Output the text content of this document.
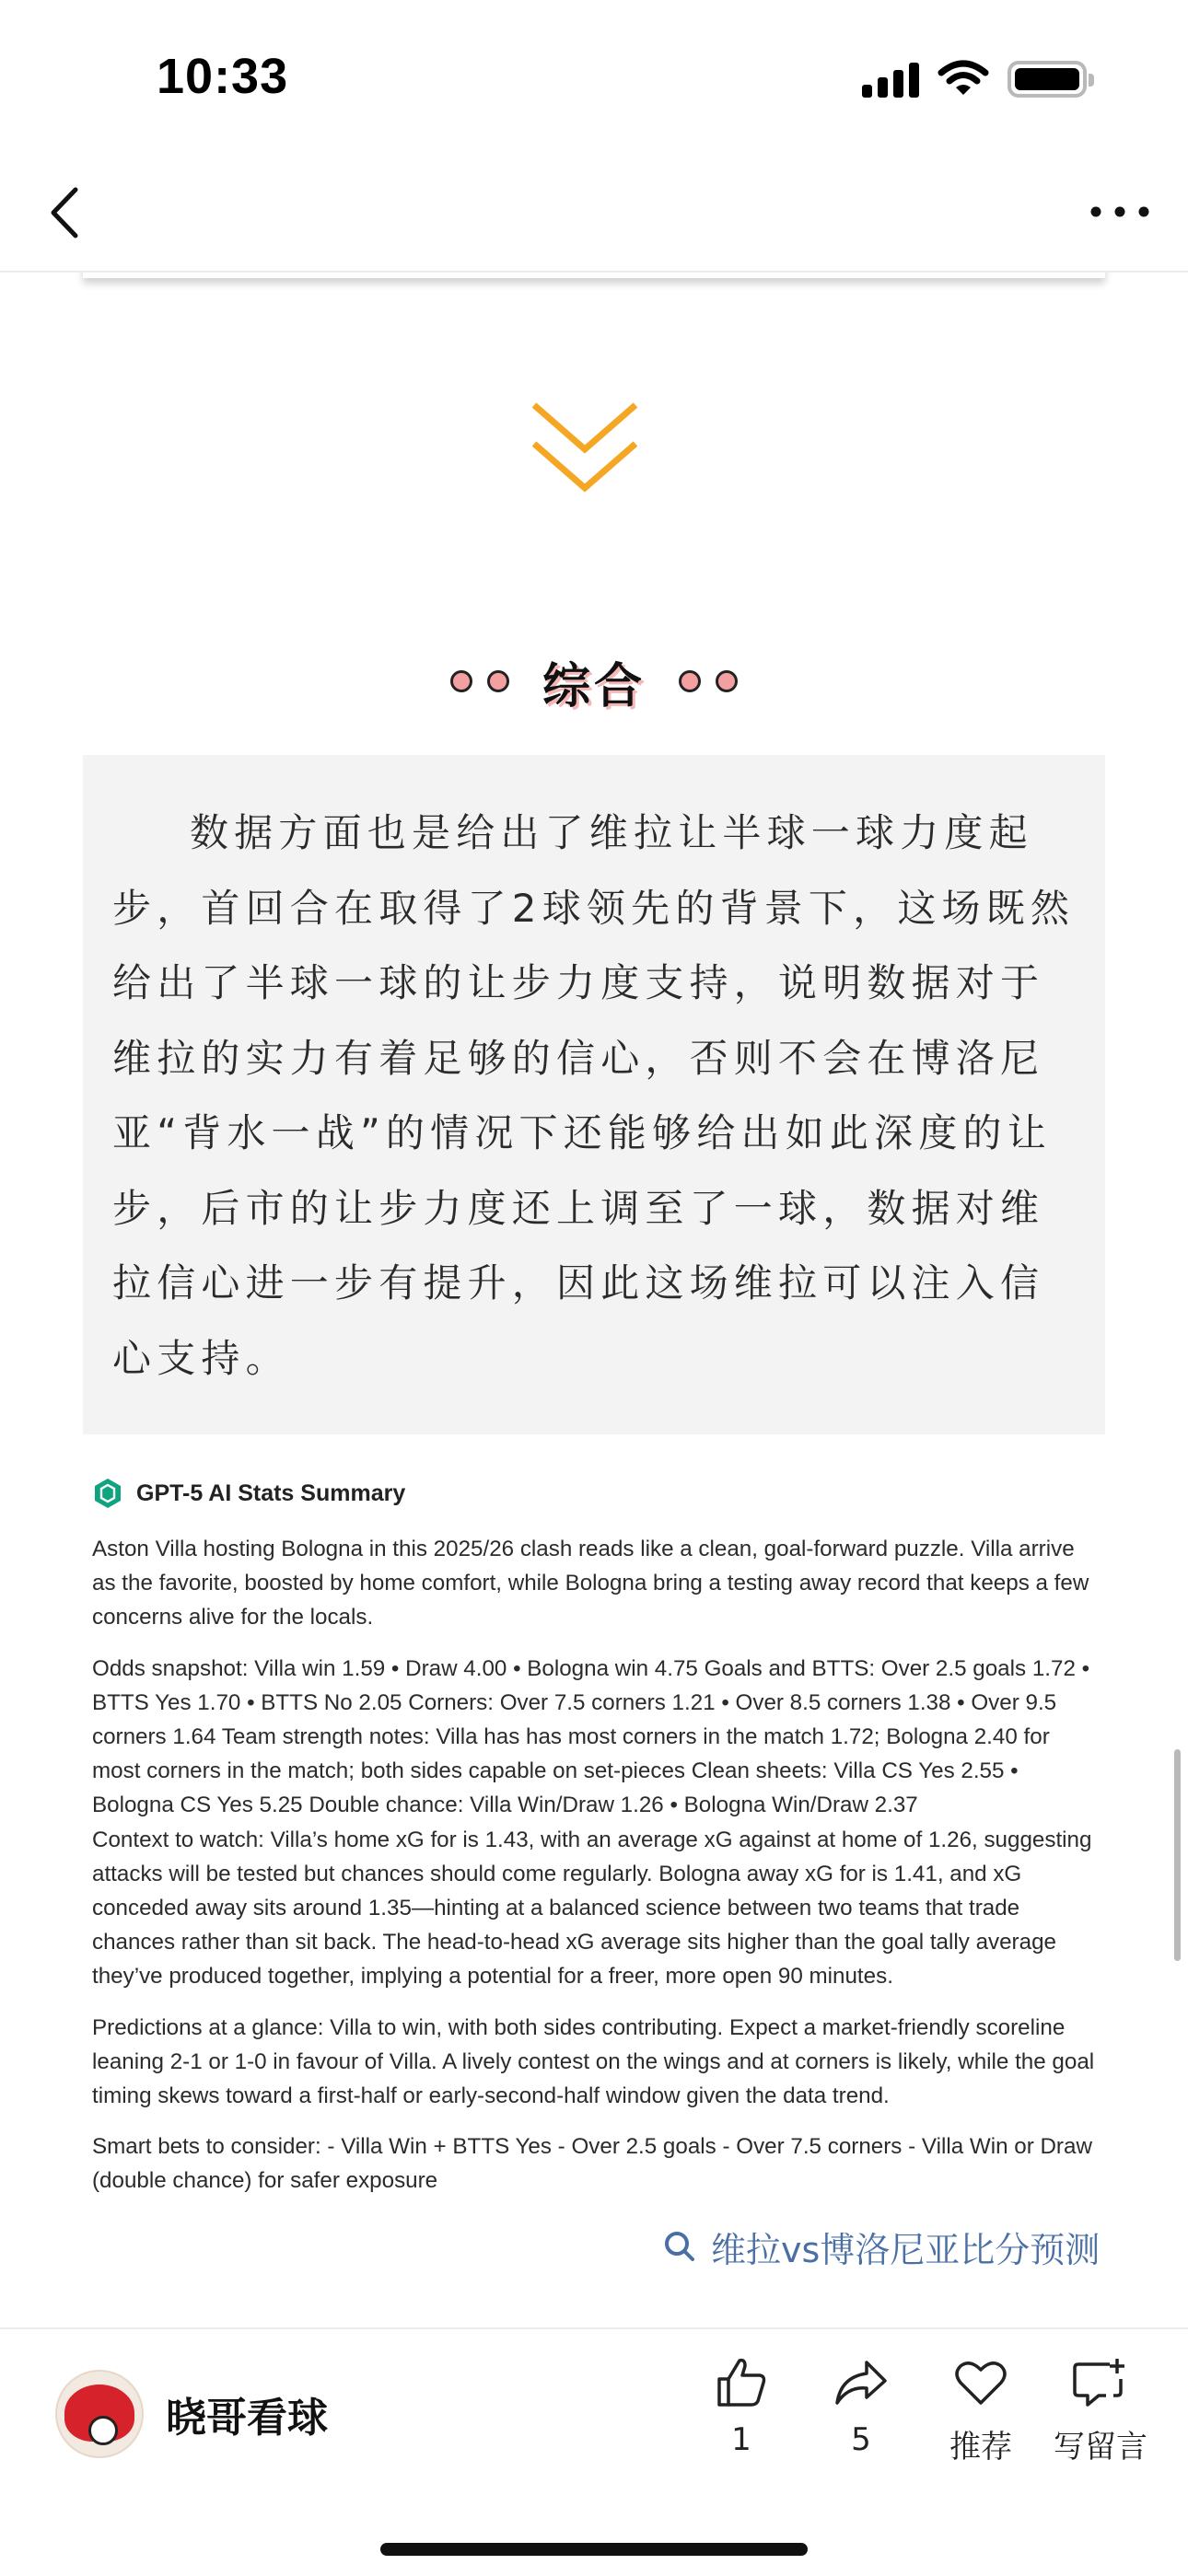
10:33
综合

数据方面也是给出了维拉让半球一球力度起步，首回合在取得了2球领先的背景下，这场既然给出了半球一球的让步力度支持，说明数据对于维拉的实力有着足够的信心，否则不会在博洛尼亚“背水一战”的情况下还能够给出如此深度的让步，后市的让步力度还上调至了一球，数据对维拉信心进一步有提升，因此这场维拉可以注入信心支持。

GPT-5 AI Stats Summary

Aston Villa hosting Bologna in this 2025/26 clash reads like a clean, goal-forward puzzle. Villa arrive as the favorite, boosted by home comfort, while Bologna bring a testing away record that keeps a few concerns alive for the locals.

Odds snapshot: Villa win 1.59 • Draw 4.00 • Bologna win 4.75 Goals and BTTS: Over 2.5 goals 1.72 • BTTS Yes 1.70 • BTTS No 2.05 Corners: Over 7.5 corners 1.21 • Over 8.5 corners 1.38 • Over 9.5 corners 1.64 Team strength notes: Villa has has most corners in the match 1.72; Bologna 2.40 for most corners in the match; both sides capable on set-pieces Clean sheets: Villa CS Yes 2.55 • Bologna CS Yes 5.25 Double chance: Villa Win/Draw 1.26 • Bologna Win/Draw 2.37

Context to watch: Villa’s home xG for is 1.43, with an average xG against at home of 1.26, suggesting attacks will be tested but chances should come regularly. Bologna away xG for is 1.41, and xG conceded away sits around 1.35—hinting at a balanced science between two teams that trade chances rather than sit back. The head-to-head xG average sits higher than the goal tally average they’ve produced together, implying a potential for a freer, more open 90 minutes.

Predictions at a glance: Villa to win, with both sides contributing. Expect a market-friendly scoreline leaning 2-1 or 1-0 in favour of Villa. A lively contest on the wings and at corners is likely, while the goal timing skews toward a first-half or early-second-half window given the data trend.

Smart bets to consider: - Villa Win + BTTS Yes - Over 2.5 goals - Over 7.5 corners - Villa Win or Draw (double chance) for safer exposure

维拉vs博洛尼亚比分预测
晓哥看球	1	5	推荐 写留言
